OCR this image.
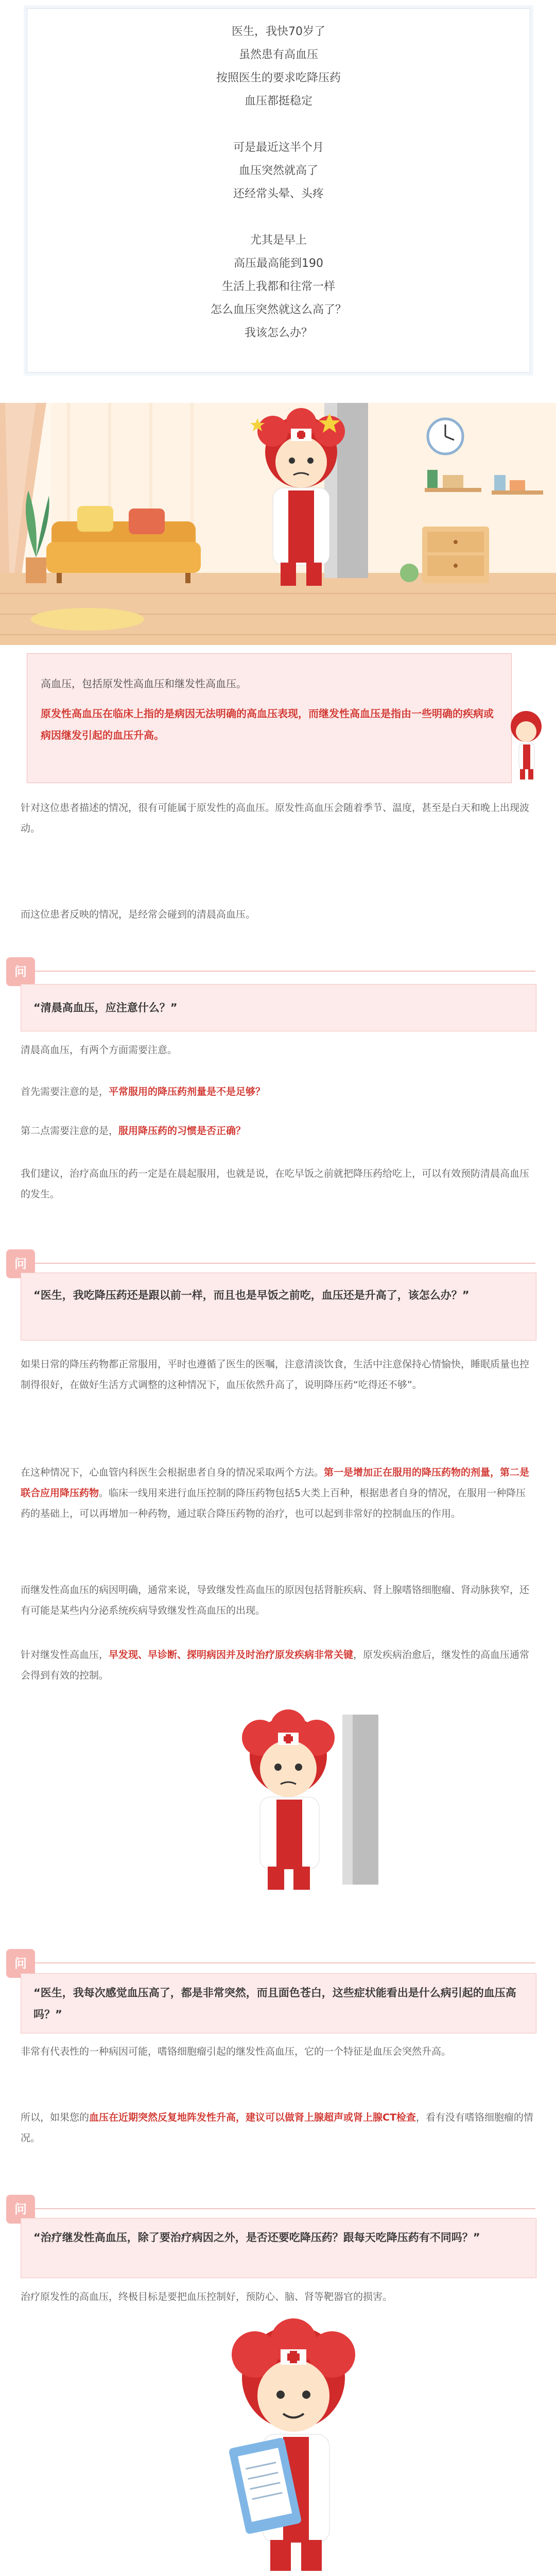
医生，我快70岁了
虽然患有高血压
按照医生的要求吃降压药
血压都挺稳定
可是最近这半个月
血压突然就高了
还经常头晕、头疼
尤其是早上
高压最高能到190
生活上我都和往常一样
怎么血压突然就这么高了？
我该怎么办？
高血压，包括原发性高血压和继发性高血压。
原发性高血压在临床上指的是病因无法明确的高血压表现，而继发性高血压是指由一些明确的疾病或病因继发引起的血压升高。
针对这位患者描述的情况，很有可能属于原发性的高血压。原发性高血压会随着季节、温度，甚至是白天和晚上出现波动。
而这位患者反映的情况，是经常会碰到的清晨高血压。
问
“清晨高血压，应注意什么？”
清晨高血压，有两个方面需要注意。
首先需要注意的是，平常服用的降压药剂量是不是足够？
第二点需要注意的是，服用降压药的习惯是否正确？
我们建议，治疗高血压的药一定是在晨起服用，也就是说，在吃早饭之前就把降压药给吃上，可以有效预防清晨高血压的发生。
问
“医生，我吃降压药还是跟以前一样，而且也是早饭之前吃，血压还是升高了，该怎么办？”
如果日常的降压药物都正常服用，平时也遵循了医生的医嘱，注意清淡饮食，生活中注意保持心情愉快，睡眠质量也控制得很好，在做好生活方式调整的这种情况下，血压依然升高了，说明降压药“吃得还不够”。
在这种情况下，心血管内科医生会根据患者自身的情况采取两个方法。第一是增加正在服用的降压药物的剂量，第二是联合应用降压药物。临床一线用来进行血压控制的降压药物包括5大类上百种，根据患者自身的情况，在服用一种降压药的基础上，可以再增加一种药物，通过联合降压药物的治疗，也可以起到非常好的控制血压的作用。
而继发性高血压的病因明确，通常来说，导致继发性高血压的原因包括肾脏疾病、肾上腺嗜铬细胞瘤、肾动脉狭窄，还有可能是某些内分泌系统疾病导致继发性高血压的出现。
针对继发性高血压，早发现、早诊断、探明病因并及时治疗原发疾病非常关键，原发疾病治愈后，继发性的高血压通常会得到有效的控制。
问
“医生，我每次感觉血压高了，都是非常突然，而且面色苍白，这些症状能看出是什么病引起的血压高吗？”
非常有代表性的一种病因可能，嗜铬细胞瘤引起的继发性高血压，它的一个特征是血压会突然升高。
所以，如果您的血压在近期突然反复地阵发性升高，建议可以做肾上腺超声或肾上腺CT检查，看有没有嗜铬细胞瘤的情况。
问
“治疗继发性高血压，除了要治疗病因之外，是否还要吃降压药？跟每天吃降压药有不同吗？”
治疗原发性的高血压，终极目标是要把血压控制好，预防心、脑、肾等靶器官的损害。
